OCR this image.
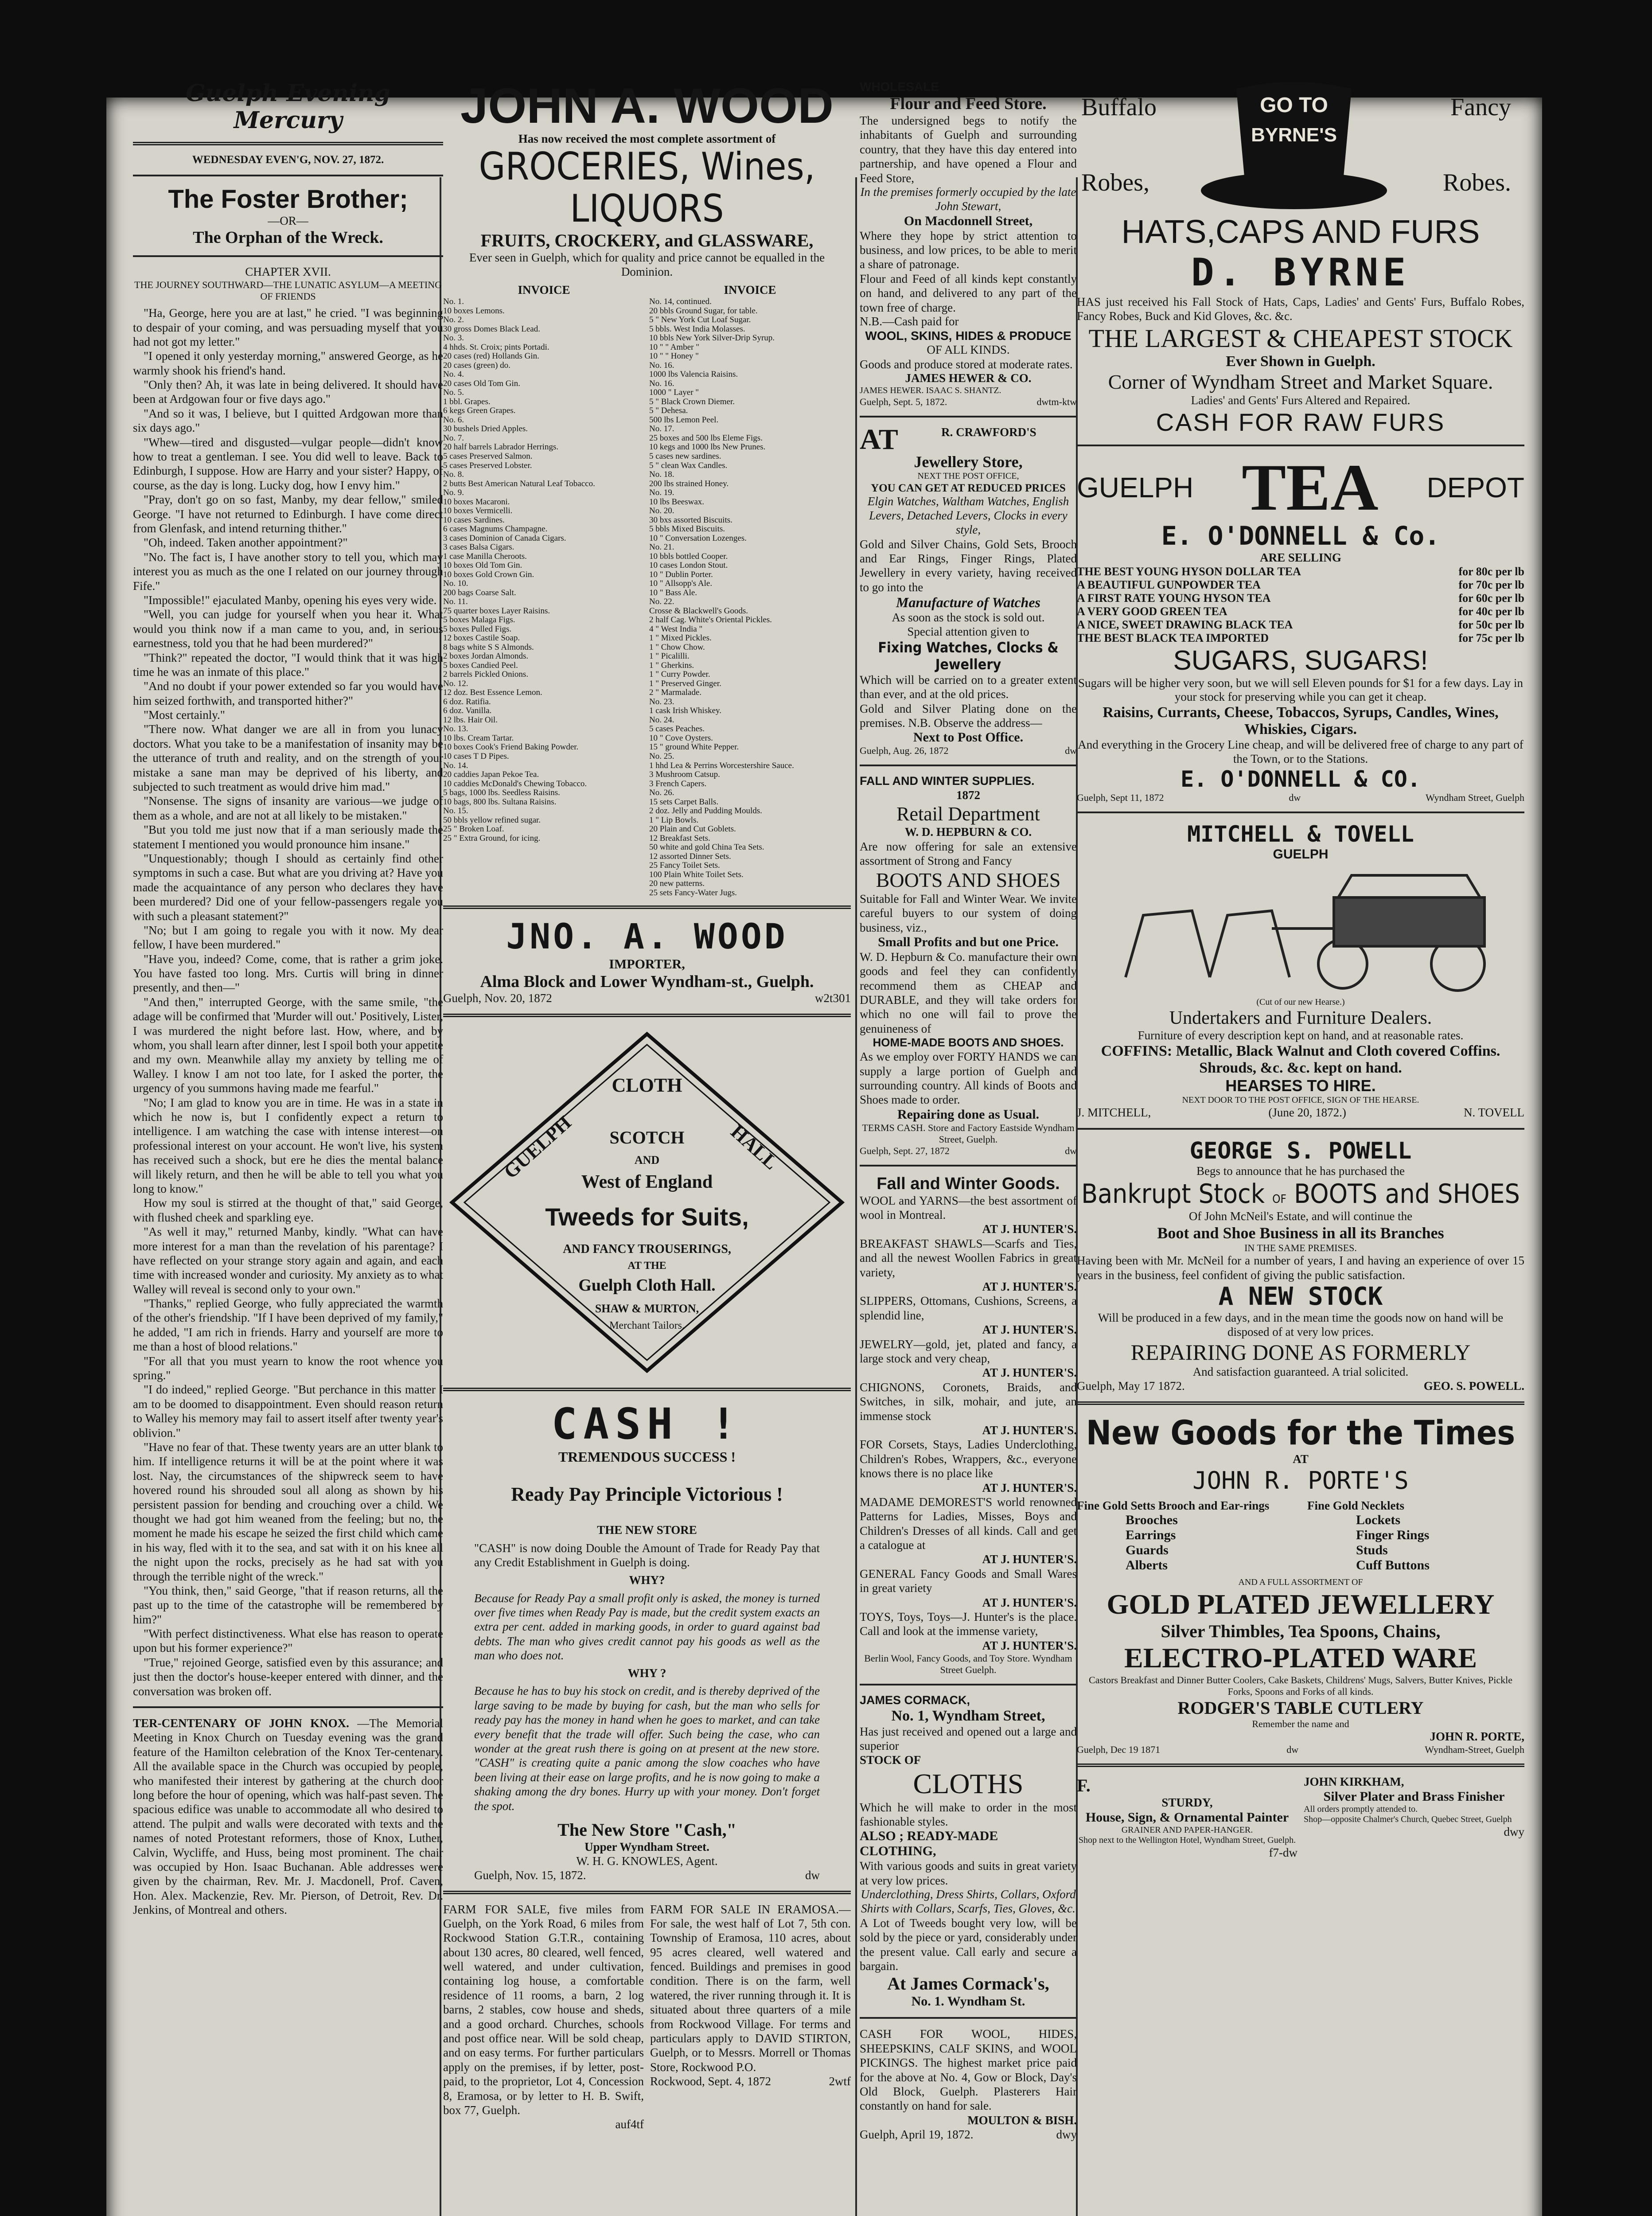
Guelph Evening Mercury
WEDNESDAY EVEN'G, NOV. 27, 1872.
The Foster Brother;
—OR—
The Orphan of the Wreck.
CHAPTER XVII.
THE JOURNEY SOUTHWARD—THE LUNATIC ASYLUM—A MEETING OF FRIENDS
"Ha, George, here you are at last," he cried. "I was beginning to despair of your coming, and was persuading myself that you had not got my letter."
"I opened it only yesterday morning," answered George, as he warmly shook his friend's hand.
"Only then? Ah, it was late in being delivered. It should have been at Ardgowan four or five days ago."
"And so it was, I believe, but I quitted Ardgowan more than six days ago."
"Whew—tired and disgusted—vulgar people—didn't know how to treat a gentleman. I see. You did well to leave. Back to Edinburgh, I suppose. How are Harry and your sister? Happy, of course, as the day is long. Lucky dog, how I envy him."
"Pray, don't go on so fast, Manby, my dear fellow," smiled George. "I have not returned to Edinburgh. I have come direct from Glenfask, and intend returning thither."
"Oh, indeed. Taken another appointment?"
"No. The fact is, I have another story to tell you, which may interest you as much as the one I related on our journey through Fife."
"Impossible!" ejaculated Manby, opening his eyes very wide.
"Well, you can judge for yourself when you hear it. What would you think now if a man came to you, and, in serious earnestness, told you that he had been murdered?"
"Think?" repeated the doctor, "I would think that it was high time he was an inmate of this place."
"And no doubt if your power extended so far you would have him seized forthwith, and transported hither?"
"Most certainly."
"There now. What danger we are all in from you lunacy doctors. What you take to be a manifestation of insanity may be the utterance of truth and reality, and on the strength of your mistake a sane man may be deprived of his liberty, and subjected to such treatment as would drive him mad."
"Nonsense. The signs of insanity are various—we judge of them as a whole, and are not at all likely to be mistaken."
"But you told me just now that if a man seriously made the statement I mentioned you would pronounce him insane."
"Unquestionably; though I should as certainly find other symptoms in such a case. But what are you driving at? Have you made the acquaintance of any person who declares they have been murdered? Did one of your fellow-passengers regale you with such a pleasant statement?"
"No; but I am going to regale you with it now. My dear fellow, I have been murdered."
"Have you, indeed? Come, come, that is rather a grim joke. You have fasted too long. Mrs. Curtis will bring in dinner presently, and then—"
"And then," interrupted George, with the same smile, "the adage will be confirmed that 'Murder will out.' Positively, Lister, I was murdered the night before last. How, where, and by whom, you shall learn after dinner, lest I spoil both your appetite and my own. Meanwhile allay my anxiety by telling me of Walley. I know I am not too late, for I asked the porter, the urgency of you summons having made me fearful."
"No; I am glad to know you are in time. He was in a state in which he now is, but I confidently expect a return to intelligence. I am watching the case with intense interest—on professional interest on your account. He won't live, his system has received such a shock, but ere he dies the mental balance will likely return, and then he will be able to tell you what you long to know."
How my soul is stirred at the thought of that," said George, with flushed cheek and sparkling eye.
"As well it may," returned Manby, kindly. "What can have more interest for a man than the revelation of his parentage? I have reflected on your strange story again and again, and each time with increased wonder and curiosity. My anxiety as to what Walley will reveal is second only to your own."
"Thanks," replied George, who fully appreciated the warmth of the other's friendship. "If I have been deprived of my family," he added, "I am rich in friends. Harry and yourself are more to me than a host of blood relations."
"For all that you must yearn to know the root whence you spring."
"I do indeed," replied George. "But perchance in this matter I am to be doomed to disappointment. Even should reason return to Walley his memory may fail to assert itself after twenty year's oblivion."
"Have no fear of that. These twenty years are an utter blank to him. If intelligence returns it will be at the point where it was lost. Nay, the circumstances of the shipwreck seem to have hovered round his shrouded soul all along as shown by his persistent passion for bending and crouching over a child. We thought we had got him weaned from the feeling; but no, the moment he made his escape he seized the first child which came in his way, fled with it to the sea, and sat with it on his knee all the night upon the rocks, precisely as he had sat with you through the terrible night of the wreck."
"You think, then," said George, "that if reason returns, all the past up to the time of the catastrophe will be remembered by him?"
"With perfect distinctiveness. What else has reason to operate upon but his former experience?"
"True," rejoined George, satisfied even by this assurance; and just then the doctor's house-keeper entered with dinner, and the conversation was broken off.
TER-CENTENARY OF JOHN KNOX. —The Memorial Meeting in Knox Church on Tuesday evening was the grand feature of the Hamilton celebration of the Knox Ter-centenary. All the available space in the Church was occupied by people, who manifested their interest by gathering at the church door long before the hour of opening, which was half-past seven. The spacious edifice was unable to accommodate all who desired to attend. The pulpit and walls were decorated with texts and the names of noted Protestant reformers, those of Knox, Luther, Calvin, Wycliffe, and Huss, being most prominent. The chair was occupied by Hon. Isaac Buchanan. Able addresses were given by the chairman, Rev. Mr. J. Macdonell, Prof. Caven, Hon. Alex. Mackenzie, Rev. Mr. Pierson, of Detroit, Rev. Dr. Jenkins, of Montreal and others.
JOHN A. WOOD
Has now received the most complete assortment of
GROCERIES, Wines, LIQUORS
FRUITS, CROCKERY, and GLASSWARE,
Ever seen in Guelph, which for quality and price cannot be equalled in the Dominion.
INVOICE
No. 1.
10 boxes Lemons.
No. 2.
30 gross Domes Black Lead.
No. 3.
4 hhds. St. Croix; pints Portadi.
20 cases (red) Hollands Gin.
20 cases (green) do.
No. 4.
20 cases Old Tom Gin.
No. 5.
1 bbl. Grapes.
6 kegs Green Grapes.
No. 6.
30 bushels Dried Apples.
No. 7.
20 half barrels Labrador Herrings.
5 cases Preserved Salmon.
5 cases Preserved Lobster.
No. 8.
2 butts Best American Natural Leaf Tobacco.
No. 9.
10 boxes Macaroni.
10 boxes Vermicelli.
10 cases Sardines.
6 cases Magnums Champagne.
3 cases Dominion of Canada Cigars.
3 cases Balsa Cigars.
1 case Manilla Cheroots.
10 boxes Old Tom Gin.
10 boxes Gold Crown Gin.
No. 10.
200 bags Coarse Salt.
No. 11.
75 quarter boxes Layer Raisins.
5 boxes Malaga Figs.
5 boxes Pulled Figs.
12 boxes Castile Soap.
8 bags white S S Almonds.
2 boxes Jordan Almonds.
5 boxes Candied Peel.
2 barrels Pickled Onions.
No. 12.
12 doz. Best Essence Lemon.
6 doz. Ratifia.
6 doz. Vanilla.
12 lbs. Hair Oil.
No. 13.
10 lbs. Cream Tartar.
10 boxes Cook's Friend Baking Powder.
10 cases T D Pipes.
No. 14.
20 caddies Japan Pekoe Tea.
10 caddies McDonald's Chewing Tobacco.
5 bags, 1000 lbs. Seedless Raisins.
10 bags, 800 lbs. Sultana Raisins.
No. 15.
50 bbls yellow refined sugar.
25 " Broken Loaf.
25 " Extra Ground, for icing.
INVOICE
No. 14, continued.
20 bbls Ground Sugar, for table.
5 " New York Cut Loaf Sugar.
5 bbls. West India Molasses.
10 bbls New York Silver-Drip Syrup.
10 " " Amber "
10 " " Honey "
No. 16.
1000 lbs Valencia Raisins.
No. 16.
1000 " Layer "
5 " Black Crown Diemer.
5 " Dehesa.
500 lbs Lemon Peel.
No. 17.
25 boxes and 500 lbs Eleme Figs.
10 kegs and 1000 lbs New Prunes.
5 cases new sardines.
5 " clean Wax Candles.
No. 18.
200 lbs strained Honey.
No. 19.
10 lbs Beeswax.
No. 20.
30 bxs assorted Biscuits.
5 bbls Mixed Biscuits.
10 " Conversation Lozenges.
No. 21.
10 bbls bottled Cooper.
10 cases London Stout.
10 " Dublin Porter.
10 " Allsopp's Ale.
10 " Bass Ale.
No. 22.
Crosse & Blackwell's Goods.
2 half Cag. White's Oriental Pickles.
4 " West India "
1 " Mixed Pickles.
1 " Chow Chow.
1 " Picalilli.
1 " Gherkins.
1 " Curry Powder.
1 " Preserved Ginger.
2 " Marmalade.
No. 23.
1 cask Irish Whiskey.
No. 24.
5 cases Peaches.
10 " Cove Oysters.
15 " ground White Pepper.
No. 25.
1 hhd Lea & Perrins Worcestershire Sauce.
3 Mushroom Catsup.
3 French Capers.
No. 26.
15 sets Carpet Balls.
2 doz. Jelly and Pudding Moulds.
1 " Lip Bowls.
20 Plain and Cut Goblets.
12 Breakfast Sets.
50 white and gold China Tea Sets.
12 assorted Dinner Sets.
25 Fancy Toilet Sets.
100 Plain White Toilet Sets.
20 new patterns.
25 sets Fancy-Water Jugs.
JNO. A. WOOD
IMPORTER,
Alma Block and Lower Wyndham-st., Guelph.
Guelph, Nov. 20, 1872	w2t301
CLOTH
GUELPH	HALL
SCOTCH
AND
West of England
Tweeds for Suits,
AND FANCY TROUSERINGS,
AT THE
Guelph Cloth Hall.
SHAW & MURTON,
Merchant Tailors.
CASH !
TREMENDOUS SUCCESS !
Ready Pay Principle Victorious !
THE NEW STORE
"CASH" is now doing Double the Amount of Trade for Ready Pay that any Credit Establishment in Guelph is doing.
WHY?
Because for Ready Pay a small profit only is asked, the money is turned over five times when Ready Pay is made, but the credit system exacts an extra per cent. added in marking goods, in order to guard against bad debts. The man who gives credit cannot pay his goods as well as the man who does not.
WHY ?
Because he has to buy his stock on credit, and is thereby deprived of the large saving to be made by buying for cash, but the man who sells for ready pay has the money in hand when he goes to market, and can take every benefit that the trade will offer. Such being the case, who can wonder at the great rush there is going on at present at the new store. "CASH" is creating quite a panic among the slow coaches who have been living at their ease on large profits, and he is now going to make a shaking among the dry bones. Hurry up with your money. Don't forget the spot.
The New Store "Cash,"
Upper Wyndham Street.
W. H. G. KNOWLES, Agent.
Guelph, Nov. 15, 1872.	dw
FARM FOR SALE, five miles from Guelph, on the York Road, 6 miles from Rockwood Station G.T.R., containing about 130 acres, 80 cleared, well fenced, well watered, and under cultivation, containing log house, a comfortable residence of 11 rooms, a barn, 2 log barns, 2 stables, cow house and sheds, and a good orchard. Churches, schools and post office near. Will be sold cheap, and on easy terms. For further particulars apply on the premises, if by letter, post-paid, to the proprietor, Lot 4, Concession 8, Eramosa, or by letter to H. B. Swift, box 77, Guelph.
auf4tf
FARM FOR SALE IN ERAMOSA.—For sale, the west half of Lot 7, 5th con. Township of Eramosa, 110 acres, about 95 acres cleared, well watered and fenced. Buildings and premises in good condition. There is on the farm, well watered, the river running through it. It is situated about three quarters of a mile from Rockwood Village. For terms and particulars apply to DAVID STIRTON, Guelph, or to Messrs. Morrell or Thomas Store, Rockwood P.O.
Rockwood, Sept. 4, 1872	2wtf
WHOLESALE
Flour and Feed Store.
The undersigned begs to notify the inhabitants of Guelph and surrounding country, that they have this day entered into partnership, and have opened a Flour and Feed Store,
In the premises formerly occupied by the late John Stewart,
On Macdonnell Street,
Where they hope by strict attention to business, and low prices, to be able to merit a share of patronage.
Flour and Feed of all kinds kept constantly on hand, and delivered to any part of the town free of charge.
N.B.—Cash paid for
WOOL, SKINS, HIDES & PRODUCE
OF ALL KINDS.
Goods and produce stored at moderate rates.
JAMES HEWER & CO.
JAMES HEWER. ISAAC S. SHANTZ.
Guelph, Sept. 5, 1872.	dwtm-ktw
AT	R. CRAWFORD'S
Jewellery Store,
NEXT THE POST OFFICE,
YOU CAN GET AT REDUCED PRICES
Elgin Watches, Waltham Watches, English Levers, Detached Levers, Clocks in every style,
Gold and Silver Chains, Gold Sets, Brooch and Ear Rings, Finger Rings, Plated Jewellery in every variety, having received to go into the
Manufacture of Watches
As soon as the stock is sold out.
Special attention given to
Fixing Watches, Clocks & Jewellery
Which will be carried on to a greater extent than ever, and at the old prices.
Gold and Silver Plating done on the premises. N.B. Observe the address—
Next to Post Office.
Guelph, Aug. 26, 1872	dw
FALL AND WINTER SUPPLIES.
1872
Retail Department
W. D. HEPBURN & CO.
Are now offering for sale an extensive assortment of Strong and Fancy
BOOTS AND SHOES
Suitable for Fall and Winter Wear. We invite careful buyers to our system of doing business, viz.,
Small Profits and but one Price.
W. D. Hepburn & Co. manufacture their own goods and feel they can confidently recommend them as CHEAP and DURABLE, and they will take orders for which no one will fail to prove the genuineness of
HOME-MADE BOOTS AND SHOES.
As we employ over FORTY HANDS we can supply a large portion of Guelph and surrounding country. All kinds of Boots and Shoes made to order.
Repairing done as Usual.
TERMS CASH. Store and Factory Eastside Wyndham Street, Guelph.
Guelph, Sept. 27, 1872	dw
Fall and Winter Goods.
WOOL and YARNS—the best assortment of wool in Montreal.
AT J. HUNTER'S.
BREAKFAST SHAWLS—Scarfs and Ties, and all the newest Woollen Fabrics in great variety,
AT J. HUNTER'S.
SLIPPERS, Ottomans, Cushions, Screens, a splendid line,
AT J. HUNTER'S.
JEWELRY—gold, jet, plated and fancy, a large stock and very cheap,
AT J. HUNTER'S.
CHIGNONS, Coronets, Braids, and Switches, in silk, mohair, and jute, an immense stock
AT J. HUNTER'S.
FOR Corsets, Stays, Ladies Underclothing, Children's Robes, Wrappers, &c., everyone knows there is no place like
AT J. HUNTER'S.
MADAME DEMOREST'S world renowned Patterns for Ladies, Misses, Boys and Children's Dresses of all kinds. Call and get a catalogue at
AT J. HUNTER'S.
GENERAL Fancy Goods and Small Wares in great variety
AT J. HUNTER'S.
TOYS, Toys, Toys—J. Hunter's is the place. Call and look at the immense variety,
AT J. HUNTER'S.
Berlin Wool, Fancy Goods, and Toy Store. Wyndham Street Guelph.
JAMES CORMACK,
No. 1, Wyndham Street,
Has just received and opened out a large and superior
STOCK OF
CLOTHS
Which he will make to order in the most fashionable styles.
ALSO ; READY-MADE CLOTHING,
With various goods and suits in great variety at very low prices.
Underclothing, Dress Shirts, Collars, Oxford Shirts with Collars, Scarfs, Ties, Gloves, &c.
A Lot of Tweeds bought very low, will be sold by the piece or yard, considerably under the present value. Call early and secure a bargain.
At James Cormack's,
No. 1. Wyndham St.
CASH FOR WOOL, HIDES, SHEEPSKINS, CALF SKINS, and WOOL PICKINGS. The highest market price paid for the above at No. 4, Gow or Block, Day's Old Block, Guelph. Plasterers Hair constantly on hand for sale.
MOULTON & BISH.
Guelph, April 19, 1872.	dwy
Buffalo
Robes,
Fancy
Robes.
GO TO
BYRNE'S
HATS,CAPS AND FURS
D. BYRNE
HAS just received his Fall Stock of Hats, Caps, Ladies' and Gents' Furs, Buffalo Robes, Fancy Robes, Buck and Kid Gloves, &c. &c.
THE LARGEST & CHEAPEST STOCK
Ever Shown in Guelph.
Corner of Wyndham Street and Market Square.
Ladies' and Gents' Furs Altered and Repaired.
CASH FOR RAW FURS
GUELPH TEA DEPOT
E. O'DONNELL & Co.
ARE SELLING
THE BEST YOUNG HYSON DOLLAR TEA	for 80c per lb
A BEAUTIFUL GUNPOWDER TEA	for 70c per lb
A FIRST RATE YOUNG HYSON TEA	for 60c per lb
A VERY GOOD GREEN TEA	for 40c per lb
A NICE, SWEET DRAWING BLACK TEA	for 50c per lb
THE BEST BLACK TEA IMPORTED	for 75c per lb
SUGARS, SUGARS!
Sugars will be higher very soon, but we will sell Eleven pounds for $1 for a few days. Lay in your stock for preserving while you can get it cheap.
Raisins, Currants, Cheese, Tobaccos, Syrups, Candles, Wines, Whiskies, Cigars.
And everything in the Grocery Line cheap, and will be delivered free of charge to any part of the Town, or to the Stations.
E. O'DONNELL & CO.
Guelph, Sept 11, 1872	dw	Wyndham Street, Guelph
MITCHELL & TOVELL
GUELPH
(Cut of our new Hearse.)
Undertakers and Furniture Dealers.
Furniture of every description kept on hand, and at reasonable rates.
COFFINS: Metallic, Black Walnut and Cloth covered Coffins. Shrouds, &c. &c. kept on hand.
HEARSES TO HIRE.
NEXT DOOR TO THE POST OFFICE, SIGN OF THE HEARSE.
J. MITCHELL,	(June 20, 1872.)	N. TOVELL
GEORGE S. POWELL
Begs to announce that he has purchased the
Bankrupt Stock OF BOOTS and SHOES
Of John McNeil's Estate, and will continue the
Boot and Shoe Business in all its Branches
IN THE SAME PREMISES.
Having been with Mr. McNeil for a number of years, I and having an experience of over 15 years in the business, feel confident of giving the public satisfaction.
A NEW STOCK
Will be produced in a few days, and in the mean time the goods now on hand will be disposed of at very low prices.
REPAIRING DONE AS FORMERLY
And satisfaction guaranteed. A trial solicited.
Guelph, May 17 1872.	GEO. S. POWELL.
New Goods for the Times
AT
JOHN R. PORTE'S
Fine Gold Setts Brooch and Ear-rings
Brooches
Earrings
Guards
Alberts
Fine Gold Necklets
Lockets
Finger Rings
Studs
Cuff Buttons
AND A FULL ASSORTMENT OF
GOLD PLATED JEWELLERY
Silver Thimbles, Tea Spoons, Chains,
ELECTRO-PLATED WARE
Castors Breakfast and Dinner Butter Coolers, Cake Baskets, Childrens' Mugs, Salvers, Butter Knives, Pickle Forks, Spoons and Forks of all kinds.
RODGER'S TABLE CUTLERY
Remember the name and
JOHN R. PORTE,
Guelph, Dec 19 1871	dw	Wyndham-Street, Guelph
F.
STURDY,
House, Sign, & Ornamental Painter
GRAINER AND PAPER-HANGER.
Shop next to the Wellington Hotel, Wyndham Street, Guelph.
f7-dw
JOHN KIRKHAM,
Silver Plater and Brass Finisher
All orders promptly attended to.
Shop—opposite Chalmer's Church, Quebec Street, Guelph
dwy
